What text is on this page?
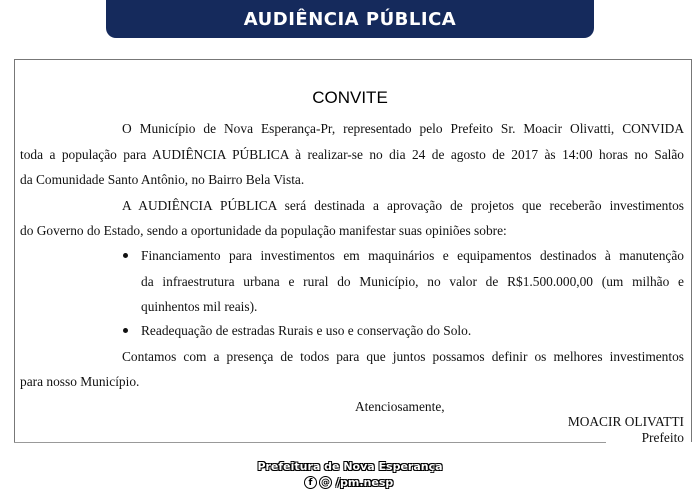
AUDIÊNCIA PÚBLICA
CONVITE
O Município de Nova Esperança-Pr, representado pelo Prefeito Sr. Moacir Olivatti, CONVIDA
toda a população para AUDIÊNCIA PÚBLICA à realizar-se no dia 24 de agosto de 2017 às 14:00 horas no Salão
da Comunidade Santo Antônio, no Bairro Bela Vista.
A AUDIÊNCIA PÚBLICA será destinada a aprovação de projetos que receberão investimentos
do Governo do Estado, sendo a oportunidade da população manifestar suas opiniões sobre:
Financiamento para investimentos em maquinários e equipamentos destinados à manutenção
da infraestrutura urbana e rural do Município, no valor de R$1.500.000,00 (um milhão e
quinhentos mil reais).
Readequação de estradas Rurais e uso e conservação do Solo.
Contamos com a presença de todos para que juntos possamos definir os melhores investimentos
para nosso Município.
Atenciosamente,
MOACIR OLIVATTI
Prefeito
Prefeitura de Nova Esperança
f @ /pm.nesp
